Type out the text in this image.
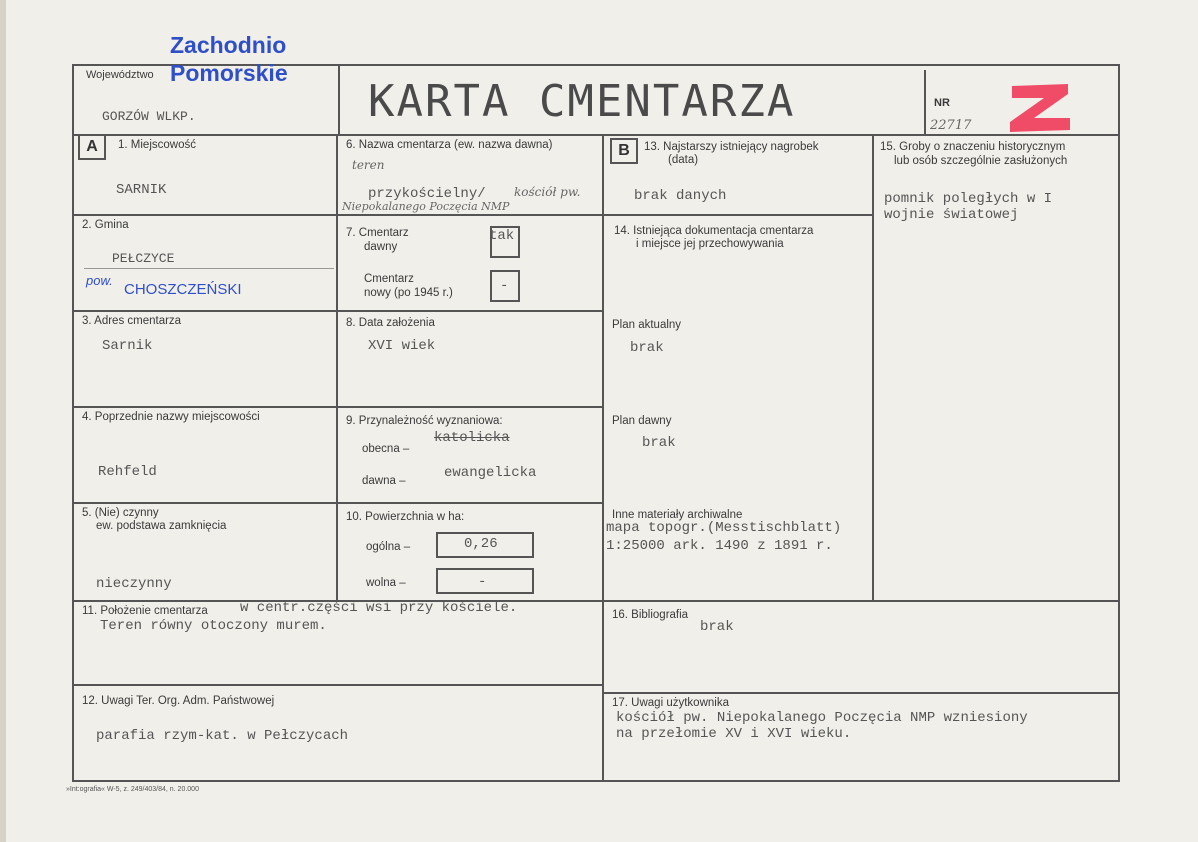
Zachodnio
Pomorskie
Województwo
GORZÓW WLKP.	KARTA CMENTARZA	NR
22717
A	1. Miejscowość
SARNIK
2. Gmina
PEŁCZYCE
pow.
CHOSZCZEŃSKI
3. Adres cmentarza
Sarnik
4. Poprzednie nazwy miejscowości
Rehfeld
5. (Nie) czynny
ew. podstawa zamknięcia
nieczynny
6. Nazwa cmentarza (ew. nazwa dawna)
teren
przykościelny/ kościół pw.
Niepokalanego Poczęcia NMP
7. Cmentarz
dawny
tak
Cmentarz
nowy (po 1945 r.)	-
8. Data założenia
XVI wiek
9. Przynależność wyznaniowa:
obecna –
katolicka
dawna –	ewangelicka
10. Powierzchnia w ha:
ogólna –	0,26
wolna –	-
B	13. Najstarszy istniejący nagrobek
(data)
brak danych
14. Istniejąca dokumentacja cmentarza
i miejsce jej przechowywania
Plan aktualny
brak
Plan dawny
brak
Inne materiały archiwalne
mapa topogr.(Messtischblatt)
1:25000 ark. 1490 z 1891 r.
15. Groby o znaczeniu historycznym
lub osób szczególnie zasłużonych
pomnik poległych w I
wojnie światowej
11. Położenie cmentarza w centr.części wsi przy kościele.
Teren równy otoczony murem.
12. Uwagi Ter. Org. Adm. Państwowej
parafia rzym-kat. w Pełczycach
16. Bibliografia
brak
17. Uwagi użytkownika
kościół pw. Niepokalanego Poczęcia NMP wzniesiony
na przełomie XV i XVI wieku.
»Int:ografia« W-5, z. 249/403/84, n. 20.000
